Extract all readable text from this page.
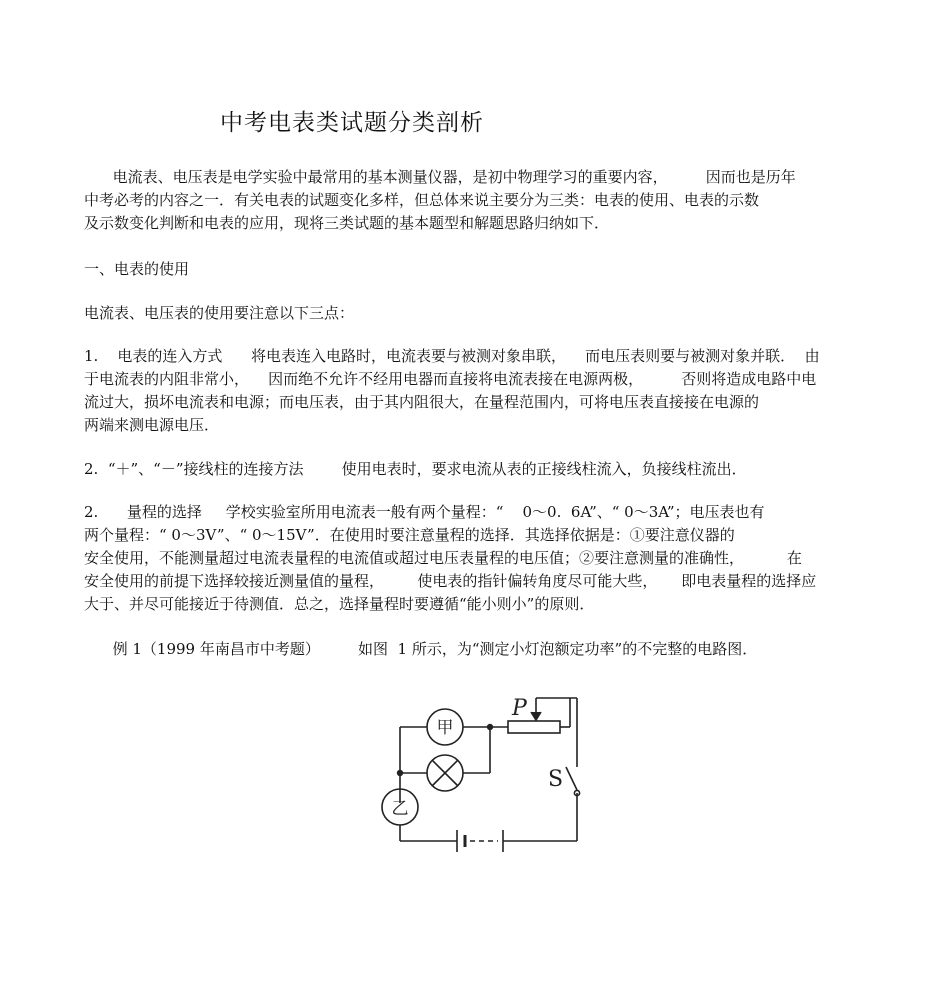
中考电表类试题分类剖析
电流表、电压表是电学实验中最常用的基本测量仪器，是初中物理学习的重要内容，        因而也是历年
中考必考的内容之一．有关电表的试题变化多样，但总体来说主要分为三类：电表的使用、电表的示数
及示数变化判断和电表的应用，现将三类试题的基本题型和解题思路归纳如下．
一、电表的使用
电流表、电压表的使用要注意以下三点：
1.    电表的连入方式      将电表连入电路时，电流表要与被测对象串联，    而电压表则要与被测对象并联．  由
于电流表的内阻非常小，    因而绝不允许不经用电器而直接将电流表接在电源两极，        否则将造成电路中电
流过大，损坏电流表和电源；而电压表，由于其内阻很大，在量程范围内，可将电压表直接接在电源的
两端来测电源电压．
2.  “＋”、“－”接线柱的连接方法        使用电表时，要求电流从表的正接线柱流入，负接线柱流出．
2.      量程的选择     学校实验室所用电流表一般有两个量程：“    0～0.  6A”、“ 0～3A”；电压表也有
两个量程：“ 0～3V”、“ 0～15V”．在使用时要注意量程的选择．其选择依据是：①要注意仪器的
安全使用，不能测量超过电流表量程的电流值或超过电压表量程的电压值；②要注意测量的准确性，         在
安全使用的前提下选择较接近测量值的量程，       使电表的指针偏转角度尽可能大些，     即电表量程的选择应
大于、并尽可能接近于待测值．总之，选择量程时要遵循“能小则小”的原则．
例 1（1999 年南昌市中考题）        如图  1 所示，为“测定小灯泡额定功率”的不完整的电路图．
甲
乙
S
P
